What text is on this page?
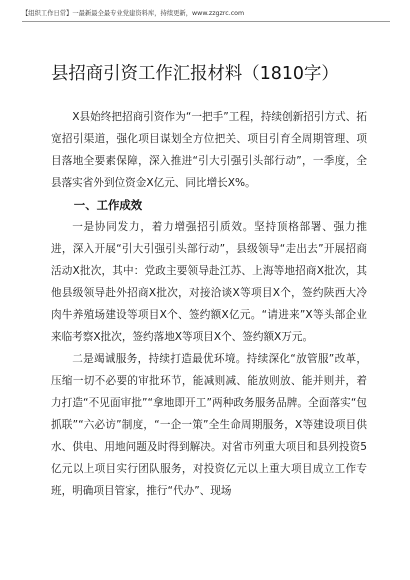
【组织工作日常】一最新最全最专业党建资料库，持续更新，www.zzgzrc.com
县招商引资工作汇报材料（1810字）
X县始终把招商引资作为“一把手”工程，持续创新招引方式、拓宽招引渠道，强化项目谋划全方位把关、项目引育全周期管理、项目落地全要素保障，深入推进“引大引强引头部行动”，一季度，全县落实省外到位资金X亿元、同比增长X%。
一、工作成效
一是协同发力，着力增强招引质效。坚持顶格部署、强力推进，深入开展“引大引强引头部行动”，县级领导“走出去”开展招商活动X批次，其中：党政主要领导赴江苏、上海等地招商X批次，其他县级领导赴外招商X批次，对接洽谈X等项目X个，签约陕西大冷肉牛养殖场建设等项目X个、签约额X亿元。“请进来”X等头部企业来临考察X批次，签约落地X等项目X个、签约额X万元。
二是竭诚服务，持续打造最优环境。持续深化“放管服”改革，压缩一切不必要的审批环节，能减则减、能放则放、能并则并，着力打造“不见面审批”“拿地即开工”两种政务服务品牌。全面落实“包抓联”“六必访”制度，“一企一策”全生命周期服务，X等建设项目供水、供电、用地问题及时得到解决。对省市列重大项目和县列投资5亿元以上项目实行团队服务，对投资亿元以上重大项目成立工作专班，明确项目管家，推行“代办”、现场
